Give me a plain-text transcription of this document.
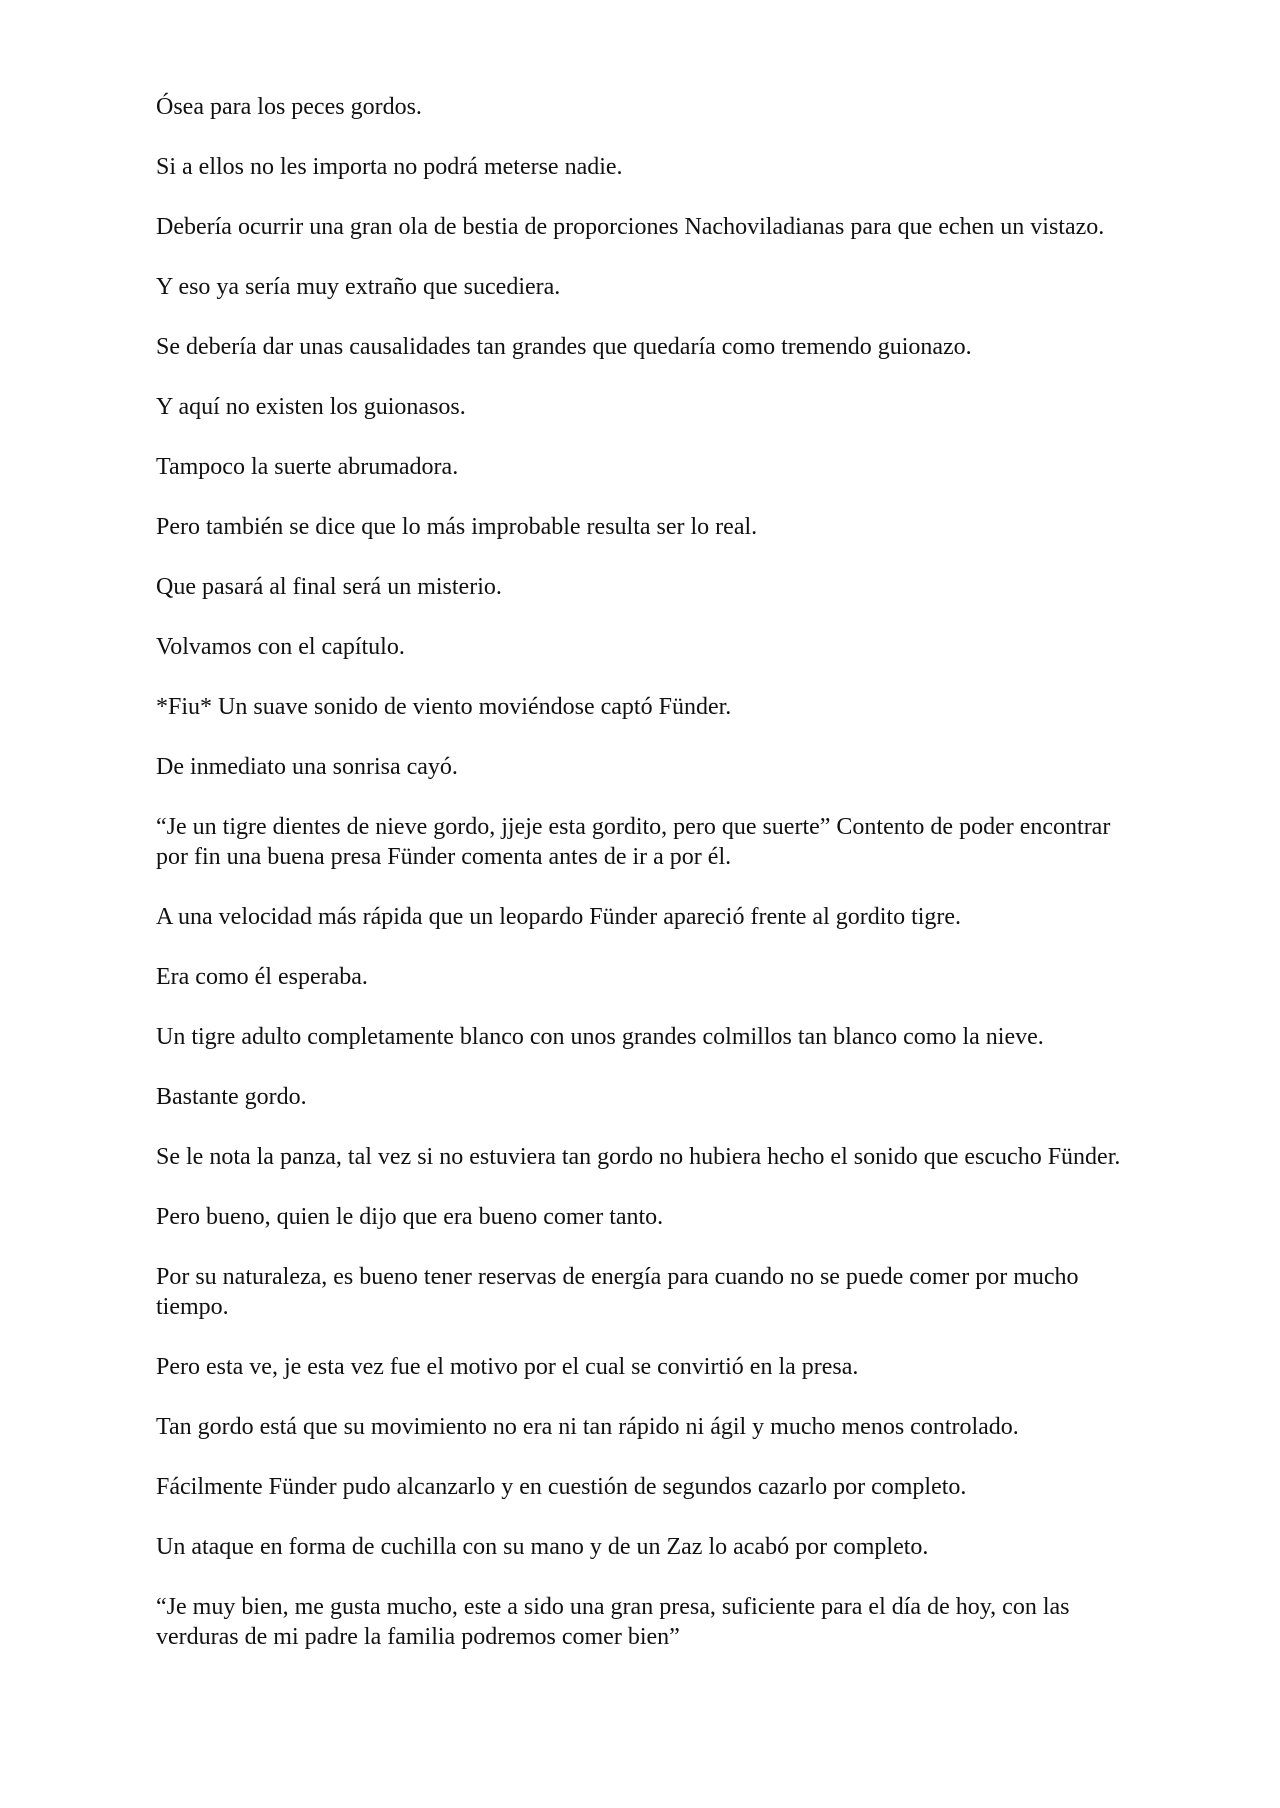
Ósea para los peces gordos.

Si a ellos no les importa no podrá meterse nadie.

Debería ocurrir una gran ola de bestia de proporciones Nachoviladianas para que echen un vistazo.

Y eso ya sería muy extraño que sucediera.

Se debería dar unas causalidades tan grandes que quedaría como tremendo guionazo.

Y aquí no existen los guionasos.

Tampoco la suerte abrumadora.

Pero también se dice que lo más improbable resulta ser lo real.

Que pasará al final será un misterio.

Volvamos con el capítulo.

*Fiu* Un suave sonido de viento moviéndose captó Fünder.

De inmediato una sonrisa cayó.

“Je un tigre dientes de nieve gordo, jjeje esta gordito, pero que suerte” Contento de poder encontrar por fin una buena presa Fünder comenta antes de ir a por él.

A una velocidad más rápida que un leopardo Fünder apareció frente al gordito tigre.

Era como él esperaba.

Un tigre adulto completamente blanco con unos grandes colmillos tan blanco como la nieve.

Bastante gordo.

Se le nota la panza, tal vez si no estuviera tan gordo no hubiera hecho el sonido que escucho Fünder.

Pero bueno, quien le dijo que era bueno comer tanto.

Por su naturaleza, es bueno tener reservas de energía para cuando no se puede comer por mucho tiempo.

Pero esta ve, je esta vez fue el motivo por el cual se convirtió en la presa.

Tan gordo está que su movimiento no era ni tan rápido ni ágil y mucho menos controlado.

Fácilmente Fünder pudo alcanzarlo y en cuestión de segundos cazarlo por completo.

Un ataque en forma de cuchilla con su mano y de un Zaz lo acabó por completo.

“Je muy bien, me gusta mucho, este a sido una gran presa, suficiente para el día de hoy, con las verduras de mi padre la familia podremos comer bien”
